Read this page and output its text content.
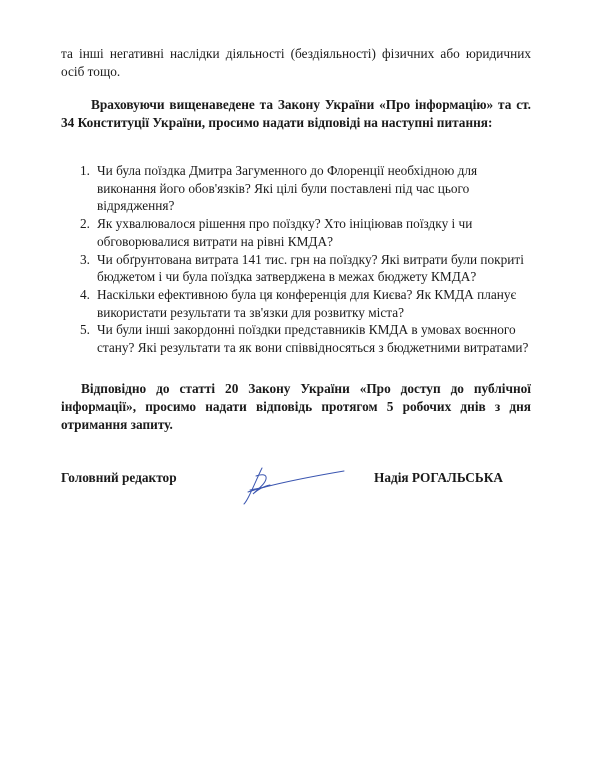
та інші негативні наслідки діяльності (бездіяльності) фізичних або юридичних
осіб тощо.

Враховуючи вищенаведене та Закону України «Про інформацію» та ст. 34 Конституції України, просимо надати відповіді на наступні питання:

1. Чи була поїздка Дмитра Загуменного до Флоренції необхідною для виконання його обов'язків? Які цілі були поставлені під час цього відрядження?
2. Як ухвалювалося рішення про поїздку? Хто ініціював поїздку і чи обговорювалися витрати на рівні КМДА?
3. Чи обґрунтована витрата 141 тис. грн на поїздку? Які витрати були покриті бюджетом і чи була поїздка затверджена в межах бюджету КМДА?
4. Наскільки ефективною була ця конференція для Києва? Як КМДА планує використати результати та зв'язки для розвитку міста?
5. Чи були інші закордонні поїздки представників КМДА в умовах воєнного стану? Які результати та як вони співвідносяться з бюджетними витратами?

Відповідно до статті 20 Закону України «Про доступ до публічної інформації», просимо надати відповідь протягом 5 робочих днів з дня отримання запиту.

Головний редактор	Надія РОГАЛЬСЬКА
